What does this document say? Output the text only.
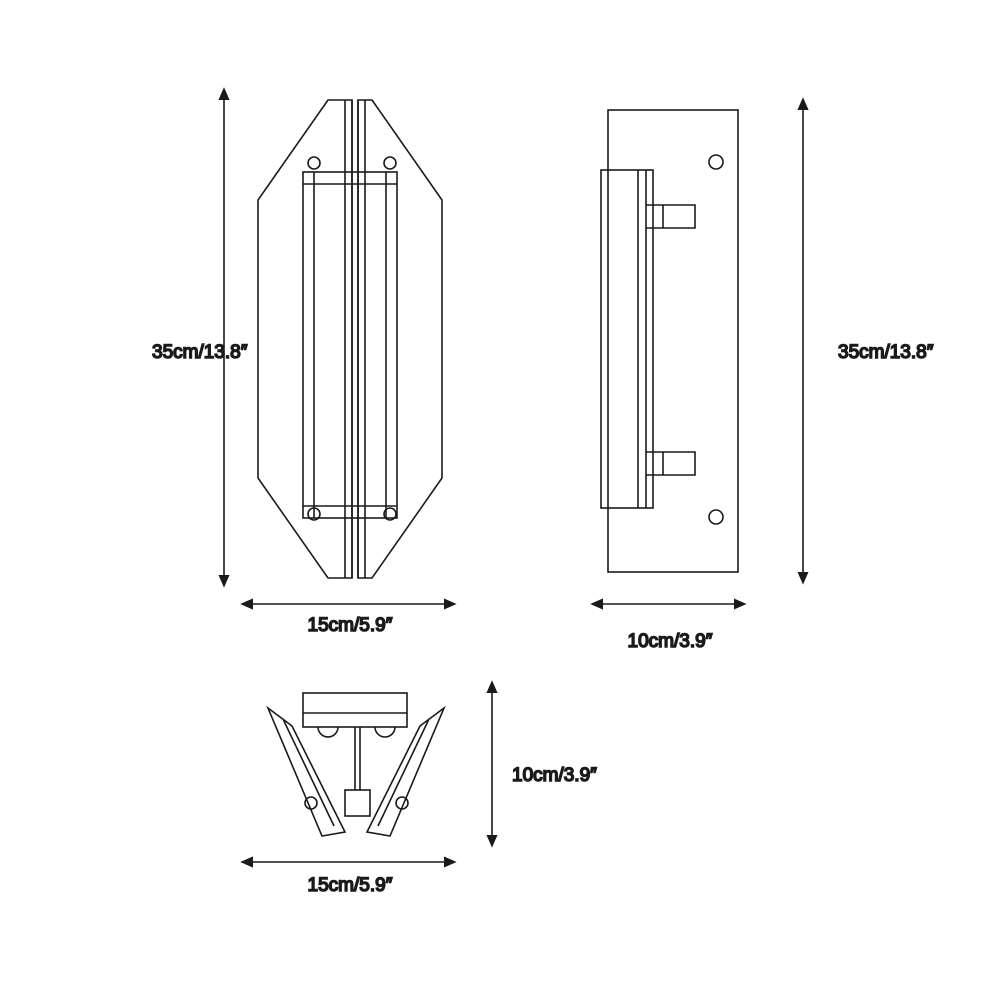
35cm/13.8″
15cm/5.9″
35cm/13.8″
10cm/3.9″
10cm/3.9″
15cm/5.9″
